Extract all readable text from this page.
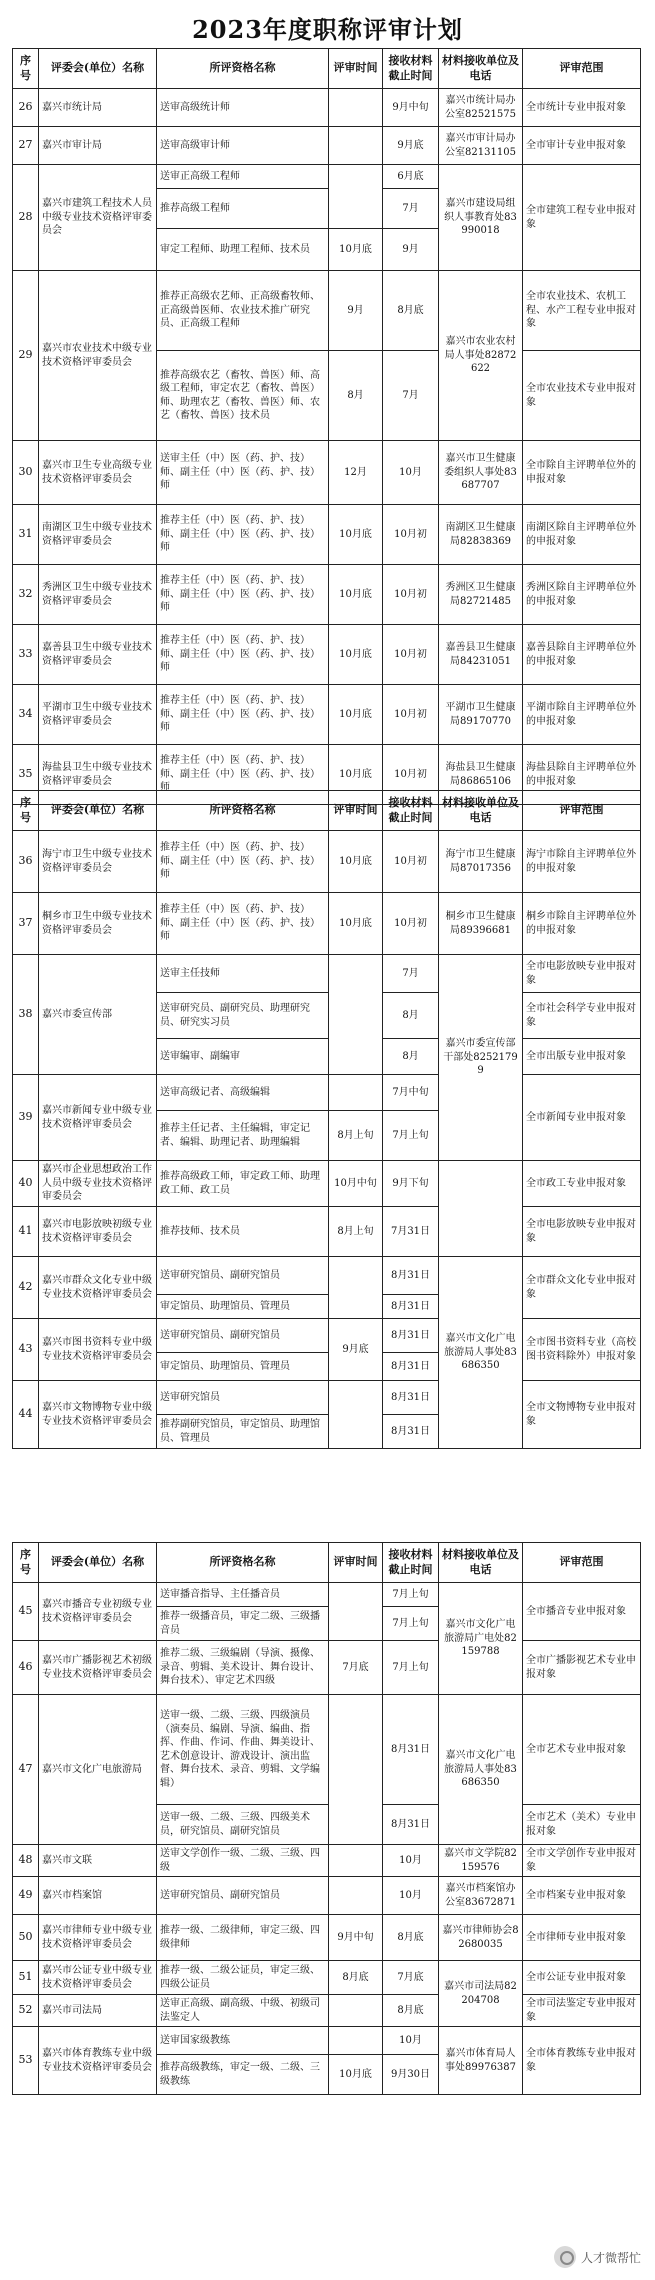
2023年度职称评审计划
序号	评委会(单位）名称	所评资格名称	评审时间	接收材料截止时间	材料接收单位及电话	评审范围
26	嘉兴市统计局	送审高级统计师		9月中旬	嘉兴市统计局办公室82521575	全市统计专业申报对象
27	嘉兴市审计局	送审高级审计师		9月底	嘉兴市审计局办公室82131105	全市审计专业申报对象
28	嘉兴市建筑工程技术人员中级专业技术资格评审委员会	送审正高级工程师		6月底	嘉兴市建设局组织人事教育处83990018	全市建筑工程专业申报对象
		推荐高级工程师		7月		
		审定工程师、助理工程师、技术员	10月底	9月		
29	嘉兴市农业技术中级专业技术资格评审委员会	推荐正高级农艺师、正高级畜牧师、正高级兽医师、农业技术推广研究员、正高级工程师	9月	8月底	嘉兴市农业农村局人事处82872622	全市农业技术、农机工程、水产工程专业申报对象
		推荐高级农艺（畜牧、兽医）师、高级工程师，审定农艺（畜牧、兽医）师、助理农艺（畜牧、兽医）师、农艺（畜牧、兽医）技术员	8月	7月		全市农业技术专业申报对象
30	嘉兴市卫生专业高级专业技术资格评审委员会	送审主任（中）医（药、护、技）师、副主任（中）医（药、护、技）师	12月	10月	嘉兴市卫生健康委组织人事处83687707	全市除自主评聘单位外的申报对象
31	南湖区卫生中级专业技术资格评审委员会	推荐主任（中）医（药、护、技）师、副主任（中）医（药、护、技）师	10月底	10月初	南湖区卫生健康局82838369	南湖区除自主评聘单位外的申报对象
32	秀洲区卫生中级专业技术资格评审委员会	推荐主任（中）医（药、护、技）师、副主任（中）医（药、护、技）师	10月底	10月初	秀洲区卫生健康局82721485	秀洲区除自主评聘单位外的申报对象
33	嘉善县卫生中级专业技术资格评审委员会	推荐主任（中）医（药、护、技）师、副主任（中）医（药、护、技）师	10月底	10月初	嘉善县卫生健康局84231051	嘉善县除自主评聘单位外的申报对象
34	平湖市卫生中级专业技术资格评审委员会	推荐主任（中）医（药、护、技）师、副主任（中）医（药、护、技）师	10月底	10月初	平湖市卫生健康局89170770	平湖市除自主评聘单位外的申报对象
35	海盐县卫生中级专业技术资格评审委员会	推荐主任（中）医（药、护、技）师、副主任（中）医（药、护、技）师	10月底	10月初	海盐县卫生健康局86865106	海盐县除自主评聘单位外的申报对象
序号	评委会(单位）名称	所评资格名称	评审时间	接收材料截止时间	材料接收单位及电话	评审范围
36	海宁市卫生中级专业技术资格评审委员会	推荐主任（中）医（药、护、技）师、副主任（中）医（药、护、技）师	10月底	10月初	海宁市卫生健康局87017356	海宁市除自主评聘单位外的申报对象
37	桐乡市卫生中级专业技术资格评审委员会	推荐主任（中）医（药、护、技）师、副主任（中）医（药、护、技）师	10月底	10月初	桐乡市卫生健康局89396681	桐乡市除自主评聘单位外的申报对象
38	嘉兴市委宣传部	送审主任技师		7月	嘉兴市委宣传部干部处82521799	全市电影放映专业申报对象
		送审研究员、副研究员、助理研究员、研究实习员		8月		全市社会科学专业申报对象
		送审编审、副编审		8月		全市出版专业申报对象
39	嘉兴市新闻专业中级专业技术资格评审委员会	送审高级记者、高级编辑		7月中旬		全市新闻专业申报对象
		推荐主任记者、主任编辑，审定记者、编辑、助理记者、助理编辑	8月上旬	7月上旬		
40	嘉兴市企业思想政治工作人员中级专业技术资格评审委员会	推荐高级政工师，审定政工师、助理政工师、政工员	10月中旬	9月下旬		全市政工专业申报对象
41	嘉兴市电影放映初级专业技术资格评审委员会	推荐技师、技术员	8月上旬	7月31日		全市电影放映专业申报对象
42	嘉兴市群众文化专业中级专业技术资格评审委员会	送审研究馆员、副研究馆员		8月31日	嘉兴市文化广电旅游局人事处83686350	全市群众文化专业申报对象
		审定馆员、助理馆员、管理员		8月31日		
43	嘉兴市图书资料专业中级专业技术资格评审委员会	送审研究馆员、副研究馆员	9月底	8月31日		全市图书资料专业（高校图书资料除外）申报对象
		审定馆员、助理馆员、管理员		8月31日		
44	嘉兴市文物博物专业中级专业技术资格评审委员会	送审研究馆员		8月31日		全市文物博物专业申报对象
		推荐副研究馆员，审定馆员、助理馆员、管理员		8月31日		
序号	评委会(单位）名称	所评资格名称	评审时间	接收材料截止时间	材料接收单位及电话	评审范围
45	嘉兴市播音专业初级专业技术资格评审委员会	送审播音指导、主任播音员		7月上旬	嘉兴市文化广电旅游局广电处82159788	全市播音专业申报对象
		推荐一级播音员，审定二级、三级播音员		7月上旬		
46	嘉兴市广播影视艺术初级专业技术资格评审委员会	推荐二级、三级编剧（导演、摄像、录音、剪辑、美术设计、舞台设计、舞台技术）、审定艺术四级	7月底	7月上旬		全市广播影视艺术专业申报对象
47	嘉兴市文化广电旅游局	送审一级、二级、三级、四级演员（演奏员、编剧、导演、编曲、指挥、作曲、作词、作曲、舞美设计、艺术创意设计、游戏设计、演出监督、舞台技术、录音、剪辑、文学编辑）		8月31日	嘉兴市文化广电旅游局人事处83686350	全市艺术专业申报对象
		送审一级、二级、三级、四级美术员，研究馆员、副研究馆员		8月31日		全市艺术（美术）专业申报对象
48	嘉兴市文联	送审文学创作一级、二级、三级、四级		10月	嘉兴市文学院82159576	全市文学创作专业申报对象
49	嘉兴市档案馆	送审研究馆员、副研究馆员		10月	嘉兴市档案馆办公室83672871	全市档案专业申报对象
50	嘉兴市律师专业中级专业技术资格评审委员会	推荐一级、二级律师，审定三级、四级律师	9月中旬	8月底	嘉兴市律师协会82680035	全市律师专业申报对象
51	嘉兴市公证专业中级专业技术资格评审委员会	推荐一级、二级公证员，审定三级、四级公证员	8月底	7月底	嘉兴市司法局82204708	全市公证专业申报对象
52	嘉兴市司法局	送审正高级、副高级、中级、初级司法鉴定人		8月底		全市司法鉴定专业申报对象
53	嘉兴市体育教练专业中级专业技术资格评审委员会	送审国家级教练		10月	嘉兴市体育局人事处89976387	全市体育教练专业申报对象
		推荐高级教练，审定一级、二级、三级教练	10月底	9月30日		
人才微帮忙
